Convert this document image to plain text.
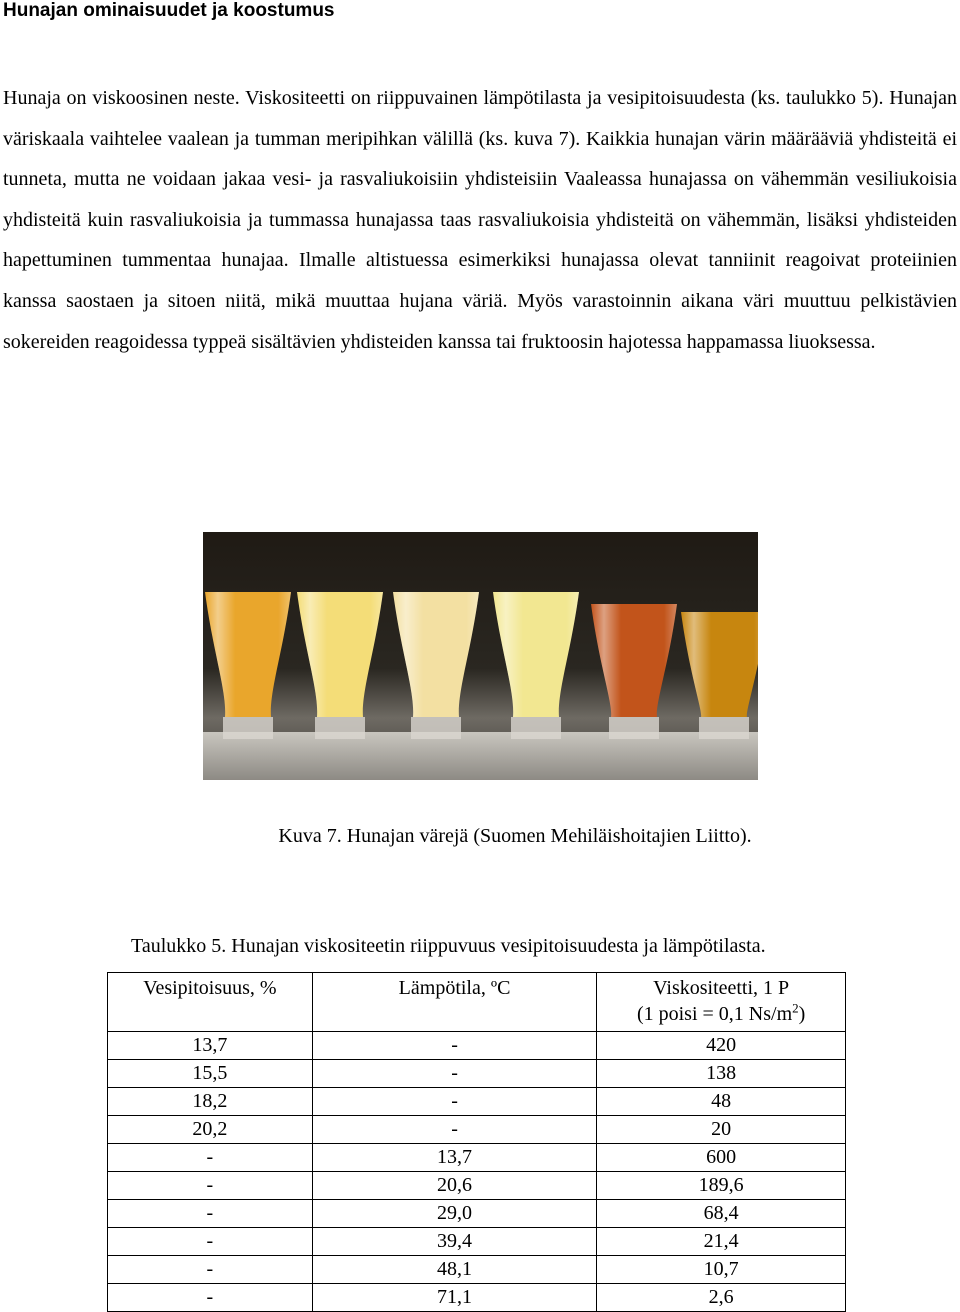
Hunajan ominaisuudet ja koostumus

Hunaja on viskoosinen neste. Viskositeetti on riippuvainen lämpötilasta ja vesipitoisuudesta (ks. taulukko 5). Hunajan väriskaala vaihtelee vaalean ja tumman meripihkan välillä (ks. kuva 7). Kaikkia hunajan värin määrääviä yhdisteitä ei tunneta, mutta ne voidaan jakaa vesi- ja rasvaliukoisiin yhdisteisiin Vaaleassa hunajassa on vähemmän vesiliukoisia yhdisteitä kuin rasvaliukoisia ja tummassa hunajassa taas rasvaliukoisia yhdisteitä on vähemmän, lisäksi yhdisteiden hapettuminen tummentaa hunajaa. Ilmalle altistuessa esimerkiksi hunajassa olevat tanniinit reagoivat proteiinien kanssa saostaen ja sitoen niitä, mikä muuttaa hujana väriä. Myös varastoinnin aikana väri muuttuu pelkistävien sokereiden reagoidessa typpeä sisältävien yhdisteiden kanssa tai fruktoosin hajotessa happamassa liuoksessa.

Kuva 7. Hunajan värejä (Suomen Mehiläishoitajien Liitto).
Taulukko 5. Hunajan viskositeetin riippuvuus vesipitoisuudesta ja lämpötilasta.
Vesipitoisuus, %	Lämpötila, ºC	Viskositeetti, 1 P
(1 poisi = 0,1 $Ns/m^2$)
13,7	-	420
15,5	-	138
18,2	-	48
20,2	-	20
-	13,7	600
-	20,6	189,6
-	29,0	68,4
-	39,4	21,4
-	48,1	10,7
-	71,1	2,6
